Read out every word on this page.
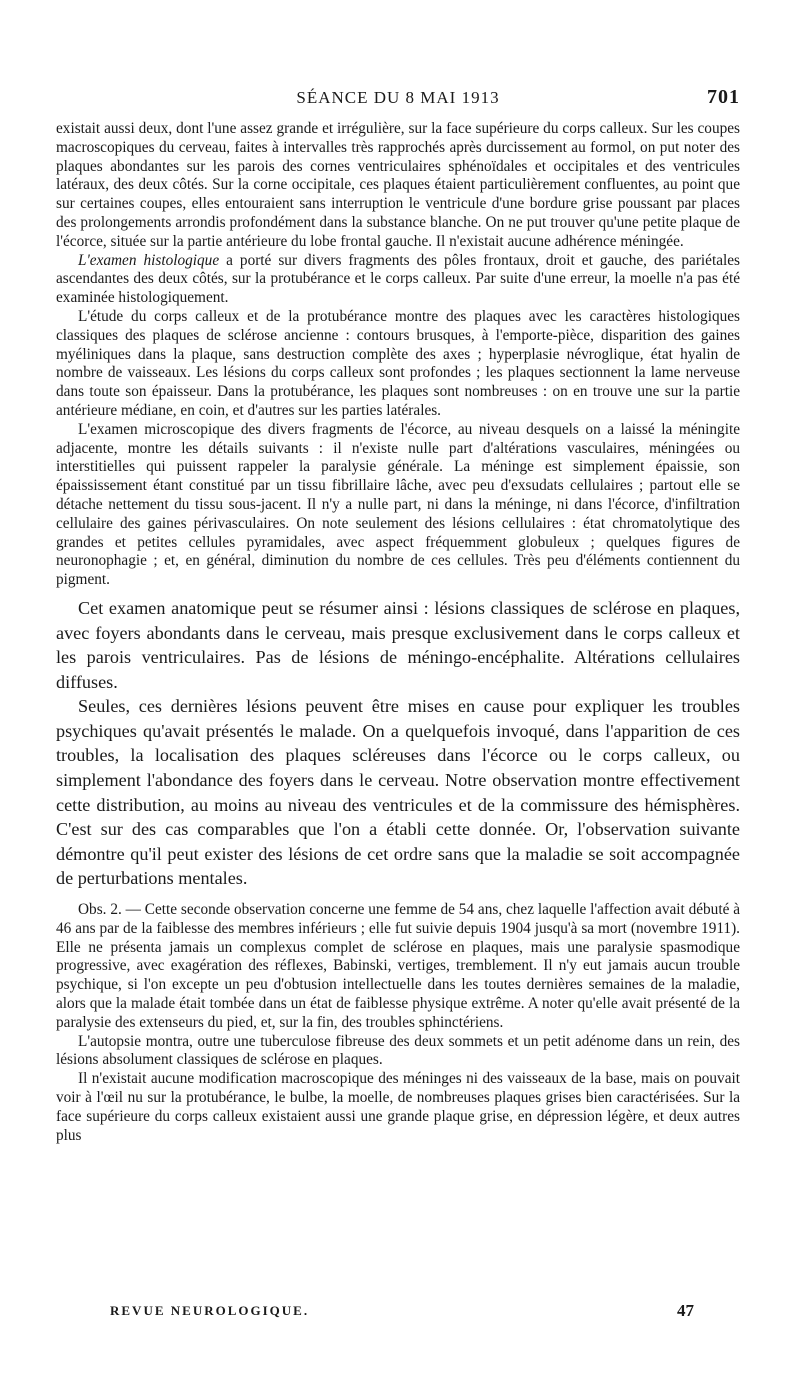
SÉANCE DU 8 MAI 1913	701

existait aussi deux, dont l'une assez grande et irrégulière, sur la face supérieure du corps calleux. Sur les coupes macroscopiques du cerveau, faites à intervalles très rapprochés après durcissement au formol, on put noter des plaques abondantes sur les parois des cornes ventriculaires sphénoïdales et occipitales et des ventricules latéraux, des deux côtés. Sur la corne occipitale, ces plaques étaient particulièrement confluentes, au point que sur certaines coupes, elles entouraient sans interruption le ventricule d'une bordure grise poussant par places des prolongements arrondis profondément dans la substance blanche. On ne put trouver qu'une petite plaque de l'écorce, située sur la partie antérieure du lobe frontal gauche. Il n'existait aucune adhérence méningée.

L'examen histologique a porté sur divers fragments des pôles frontaux, droit et gauche, des pariétales ascendantes des deux côtés, sur la protubérance et le corps calleux. Par suite d'une erreur, la moelle n'a pas été examinée histologiquement.

L'étude du corps calleux et de la protubérance montre des plaques avec les caractères histologiques classiques des plaques de sclérose ancienne : contours brusques, à l'emporte-pièce, disparition des gaines myéliniques dans la plaque, sans destruction complète des axes ; hyperplasie névroglique, état hyalin de nombre de vaisseaux. Les lésions du corps calleux sont profondes ; les plaques sectionnent la lame nerveuse dans toute son épaisseur. Dans la protubérance, les plaques sont nombreuses : on en trouve une sur la partie antérieure médiane, en coin, et d'autres sur les parties latérales.

L'examen microscopique des divers fragments de l'écorce, au niveau desquels on a laissé la méningite adjacente, montre les détails suivants : il n'existe nulle part d'altérations vasculaires, méningées ou interstitielles qui puissent rappeler la paralysie générale. La méninge est simplement épaissie, son épaississement étant constitué par un tissu fibrillaire lâche, avec peu d'exsudats cellulaires ; partout elle se détache nettement du tissu sous-jacent. Il n'y a nulle part, ni dans la méninge, ni dans l'écorce, d'infiltration cellulaire des gaines périvasculaires. On note seulement des lésions cellulaires : état chromatolytique des grandes et petites cellules pyramidales, avec aspect fréquemment globuleux ; quelques figures de neuronophagie ; et, en général, diminution du nombre de ces cellules. Très peu d'éléments contiennent du pigment.

Cet examen anatomique peut se résumer ainsi : lésions classiques de sclérose en plaques, avec foyers abondants dans le cerveau, mais presque exclusivement dans le corps calleux et les parois ventriculaires. Pas de lésions de méningo-encéphalite. Altérations cellulaires diffuses.

Seules, ces dernières lésions peuvent être mises en cause pour expliquer les troubles psychiques qu'avait présentés le malade. On a quelquefois invoqué, dans l'apparition de ces troubles, la localisation des plaques scléreuses dans l'écorce ou le corps calleux, ou simplement l'abondance des foyers dans le cerveau. Notre observation montre effectivement cette distribution, au moins au niveau des ventricules et de la commissure des hémisphères. C'est sur des cas comparables que l'on a établi cette donnée. Or, l'observation suivante démontre qu'il peut exister des lésions de cet ordre sans que la maladie se soit accompagnée de perturbations mentales.

Obs. 2. — Cette seconde observation concerne une femme de 54 ans, chez laquelle l'affection avait débuté à 46 ans par de la faiblesse des membres inférieurs ; elle fut suivie depuis 1904 jusqu'à sa mort (novembre 1911). Elle ne présenta jamais un complexus complet de sclérose en plaques, mais une paralysie spasmodique progressive, avec exagération des réflexes, Babinski, vertiges, tremblement. Il n'y eut jamais aucun trouble psychique, si l'on excepte un peu d'obtusion intellectuelle dans les toutes dernières semaines de la maladie, alors que la malade était tombée dans un état de faiblesse physique extrême. A noter qu'elle avait présenté de la paralysie des extenseurs du pied, et, sur la fin, des troubles sphinctériens.

L'autopsie montra, outre une tuberculose fibreuse des deux sommets et un petit adénome dans un rein, des lésions absolument classiques de sclérose en plaques.

Il n'existait aucune modification macroscopique des méninges ni des vaisseaux de la base, mais on pouvait voir à l'œil nu sur la protubérance, le bulbe, la moelle, de nombreuses plaques grises bien caractérisées. Sur la face supérieure du corps calleux existaient aussi une grande plaque grise, en dépression légère, et deux autres plus

REVUE NEUROLOGIQUE.	47
